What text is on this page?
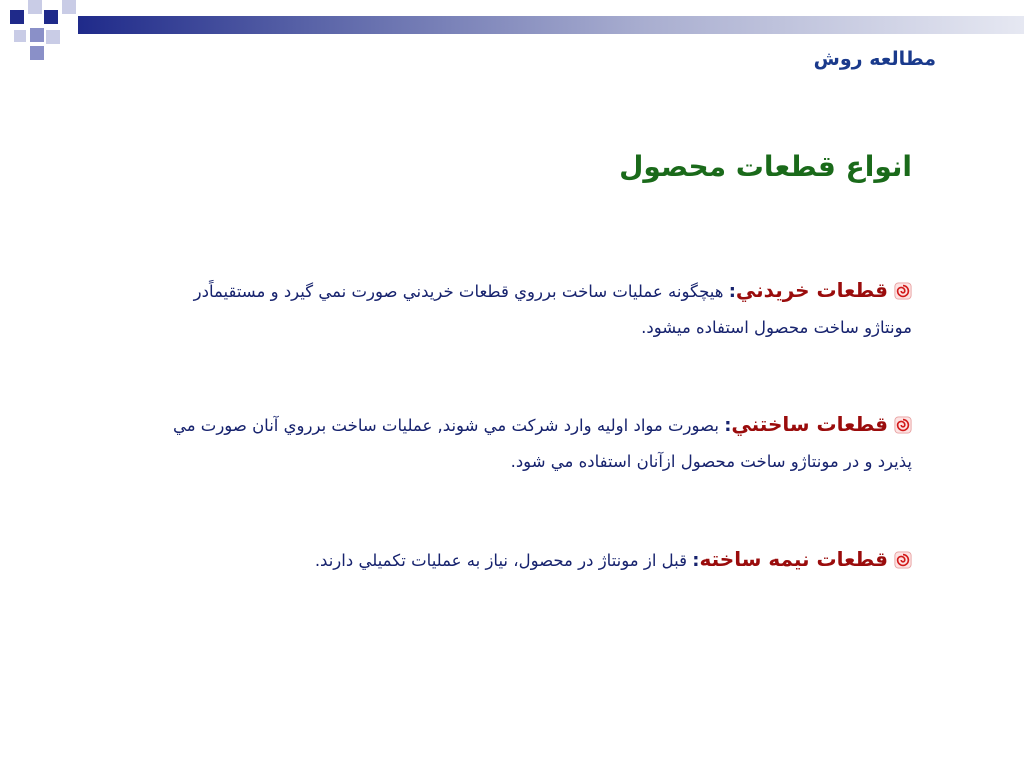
مطالعه روش
انواع قطعات محصول
قطعات خريدني: هيچگونه عمليات ساخت برروي قطعات خريدني صورت نمي گيرد و مستقيماًدر مونتاژو ساخت محصول استفاده ميشود.
قطعات ساختني: بصورت مواد اوليه وارد شركت مي شوند, عمليات ساخت برروي آنان صورت مي پذيرد و در مونتاژو ساخت محصول ازآنان استفاده مي شود.
قطعات نيمه ساخته: قبل از مونتاژ در محصول، نياز به عمليات تكميلي دارند.
